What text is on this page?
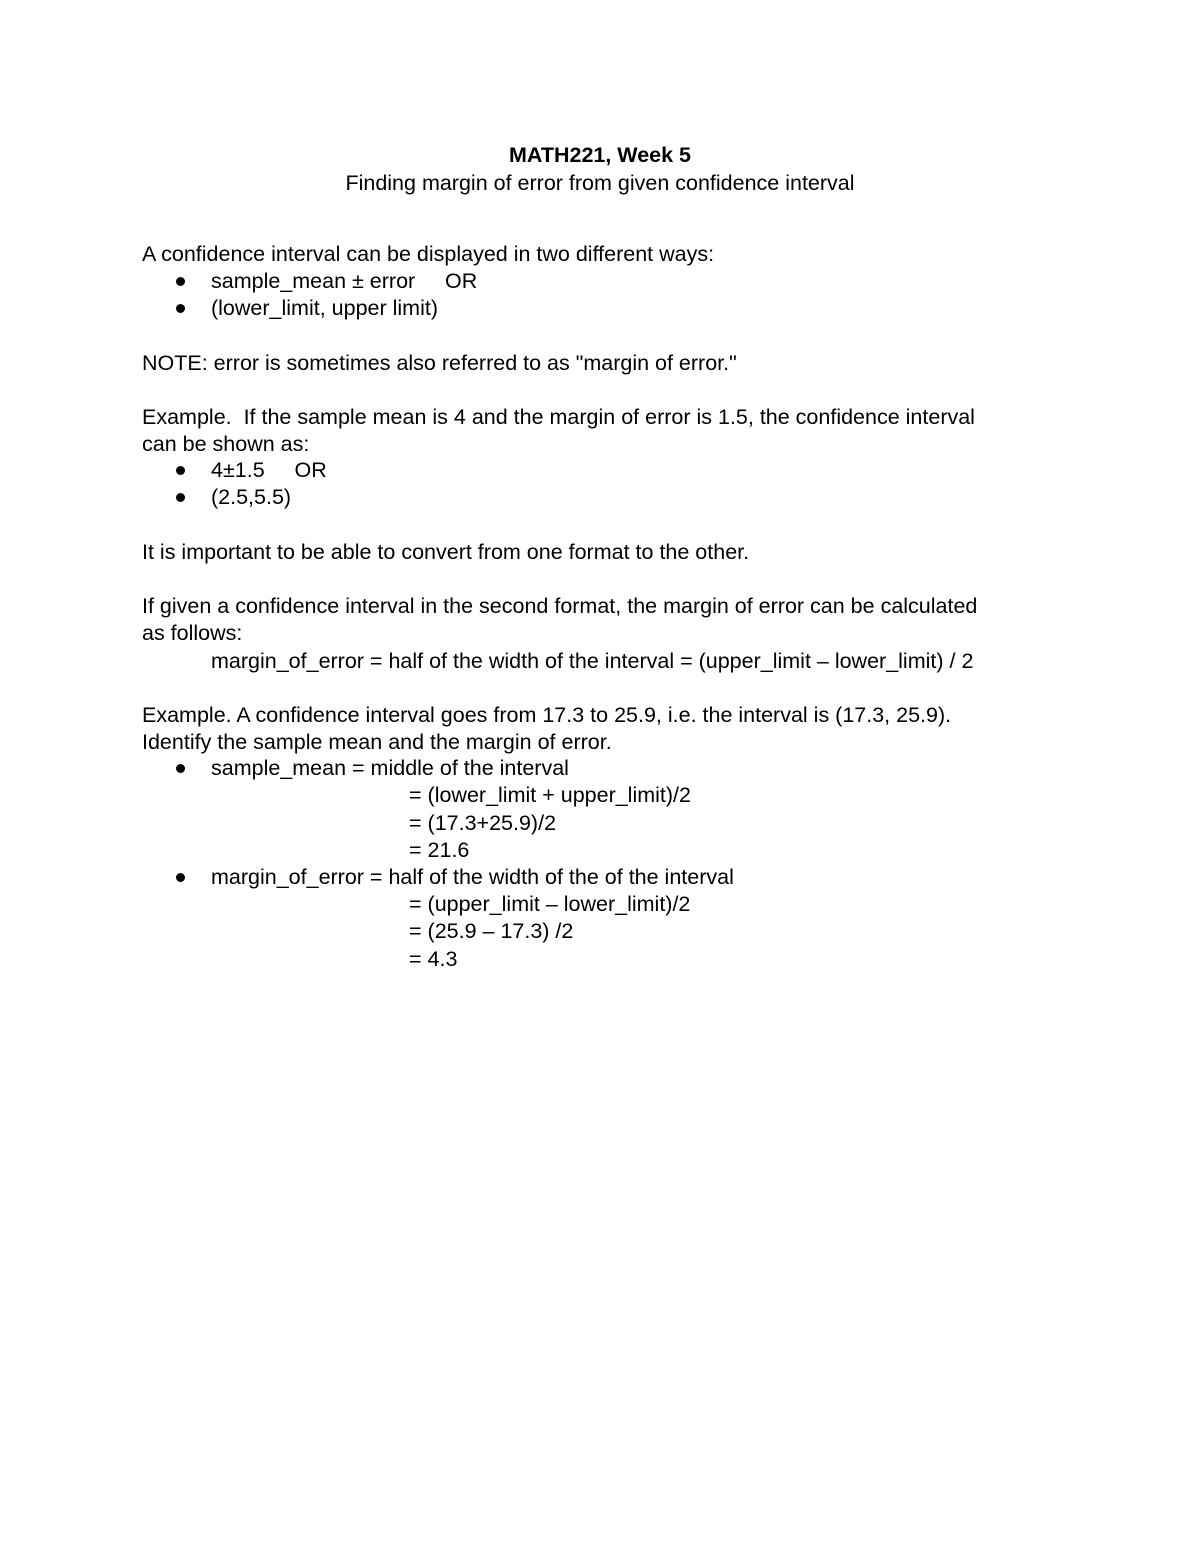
MATH221, Week 5
Finding margin of error from given confidence interval
A confidence interval can be displayed in two different ways:
sample_mean ± error     OR
(lower_limit, upper limit)
NOTE: error is sometimes also referred to as "margin of error."
Example.  If the sample mean is 4 and the margin of error is 1.5, the confidence interval
can be shown as:
4±1.5     OR
(2.5,5.5)
It is important to be able to convert from one format to the other.
If given a confidence interval in the second format, the margin of error can be calculated
as follows:
margin_of_error = half of the width of the interval = (upper_limit – lower_limit) / 2
Example. A confidence interval goes from 17.3 to 25.9, i.e. the interval is (17.3, 25.9).
Identify the sample mean and the margin of error.
sample_mean = middle of the interval
= (lower_limit + upper_limit)/2
= (17.3+25.9)/2
= 21.6
margin_of_error = half of the width of the of the interval
= (upper_limit – lower_limit)/2
= (25.9 – 17.3) /2
= 4.3
